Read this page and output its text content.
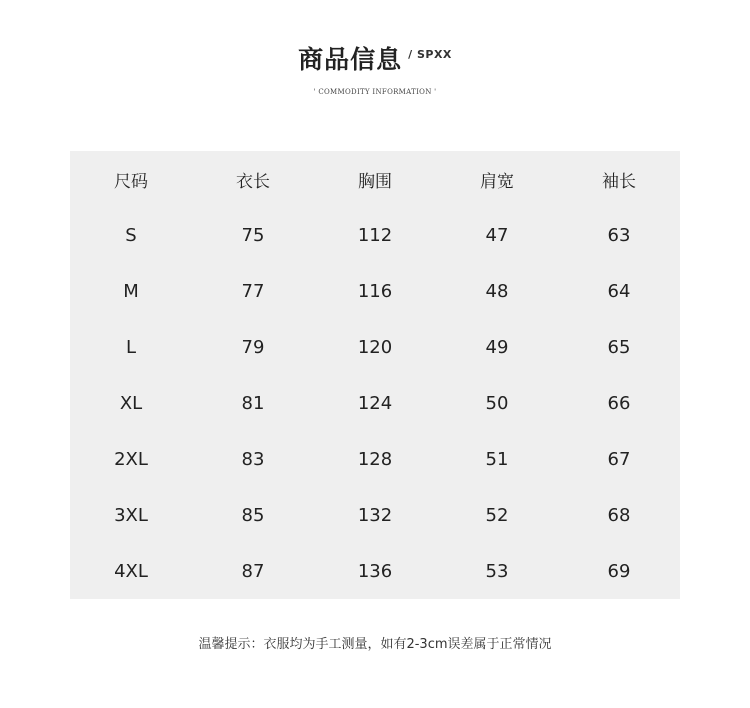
商品信息 / SPXX
' COMMODITY INFORMATION '
尺码	衣长	胸围	肩宽	袖长
S	75	112	47	63
M	77	116	48	64
L	79	120	49	65
XL	81	124	50	66
2XL	83	128	51	67
3XL	85	132	52	68
4XL	87	136	53	69
温馨提示：衣服均为手工测量，如有2-3cm误差属于正常情况
